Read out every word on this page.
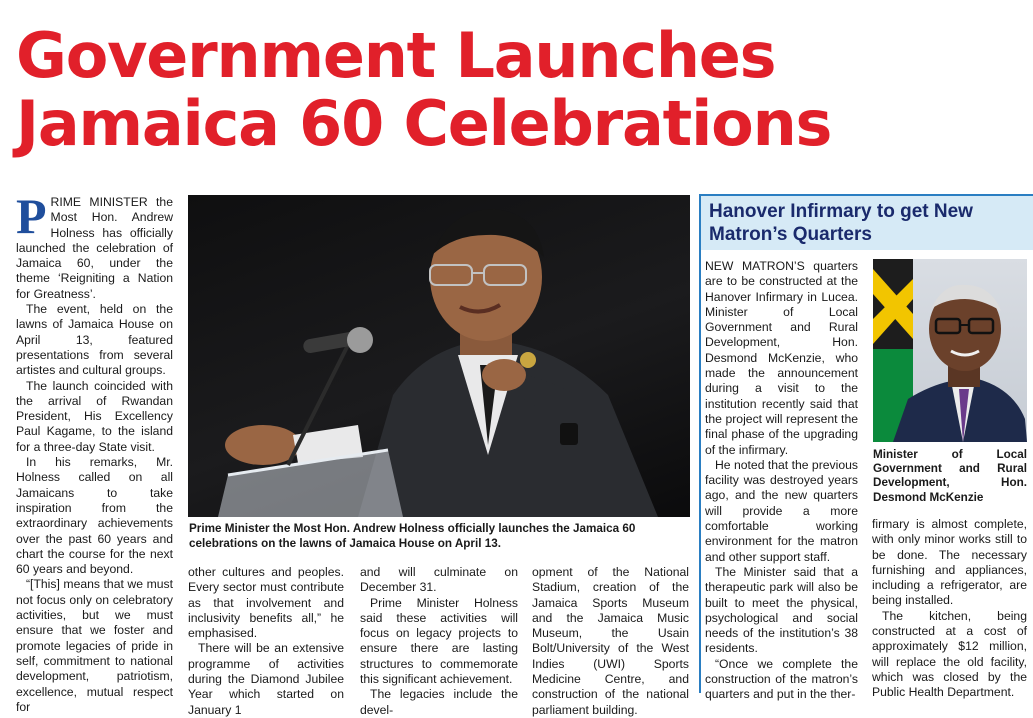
Government Launches
Jamaica 60 Celebrations

PRIME MINISTER the Most Hon. Andrew Holness has officially launched the celebration of Jamaica 60, under the theme ‘Reigniting a Nation for Greatness’.

The event, held on the lawns of Jamaica House on April 13, featured presentations from several artistes and cultural groups.

The launch coincided with the arrival of Rwandan President, His Excellency Paul Kagame, to the island for a three-day State visit.

In his remarks, Mr. Holness called on all Jamaicans to take inspiration from the extraordinary achievements over the past 60 years and chart the course for the next 60 years and beyond.

“[This] means that we must not focus only on celebratory activities, but we must ensure that we foster and promote legacies of pride in self, commitment to national development, patriotism, excellence, mutual respect for

Prime Minister the Most Hon. Andrew Holness officially launches the Jamaica 60 celebrations on the lawns of Jamaica House on April 13.

other cultures and peoples. Every sector must contribute as that involvement and inclusivity benefits all,” he emphasised.

There will be an extensive programme of activities during the Diamond Jubilee Year which started on January 1

and will culminate on December 31.

Prime Minister Holness said these activities will focus on legacy projects to ensure there are lasting structures to commemorate this significant achievement.

The legacies include the devel-

opment of the National Stadium, creation of the Jamaica Sports Museum and the Jamaica Music Museum, the Usain Bolt/University of the West Indies (UWI) Sports Medicine Centre, and construction of the national parliament building.

Hanover Infirmary to get New Matron’s Quarters

NEW MATRON’S quarters are to be constructed at the Hanover Infirmary in Lucea. Minister of Local Government and Rural Development, Hon. Desmond McKenzie, who made the announcement during a visit to the institution recently said that the project will represent the final phase of the upgrading of the infirmary.

He noted that the previous facility was destroyed years ago, and the new quarters will provide a more comfortable working environment for the matron and other support staff.

The Minister said that a therapeutic park will also be built to meet the physical, psychological and social needs of the institution’s 38 residents.

“Once we complete the construction of the matron’s quarters and put in the ther-

Minister of Local Government and Rural Development, Hon. Desmond McKenzie

firmary is almost complete, with only minor works still to be done. The necessary furnishing and appliances, including a refrigerator, are being installed.

The kitchen, being constructed at a cost of approximately $12 million, will replace the old facility, which was closed by the Public Health Department.
